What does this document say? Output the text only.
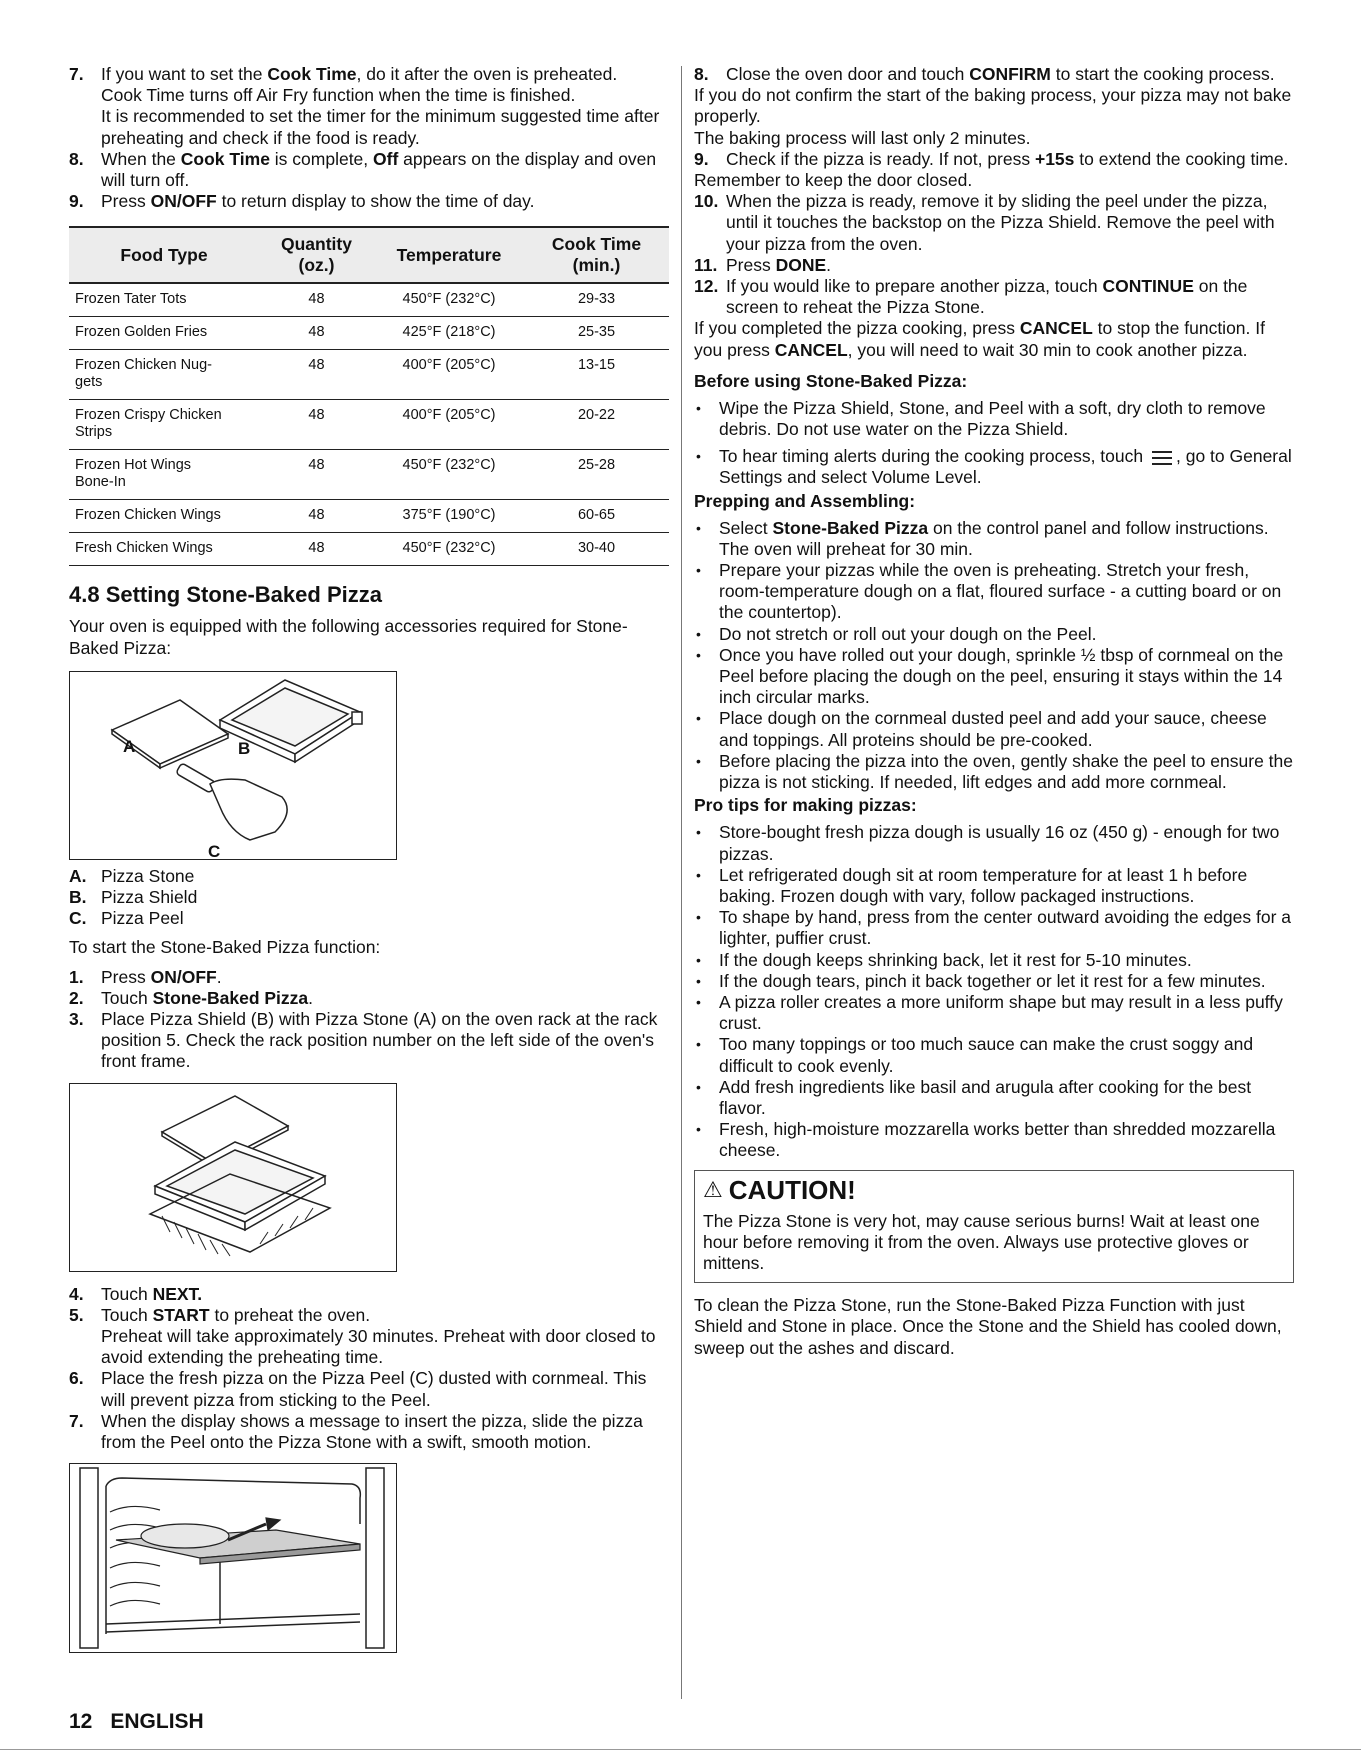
7. If you want to set the Cook Time, do it after the oven is preheated.
Cook Time turns off Air Fry function when the time is finished.
It is recommended to set the timer for the minimum suggested time after preheating and check if the food is ready.
8. When the Cook Time is complete, Off appears on the display and oven will turn off.
9. Press ON/OFF to return display to show the time of day.
Food Type	Quantity (oz.)	Temperature	Cook Time (min.)
Frozen Tater Tots	48	450°F (232°C)	29-33
Frozen Golden Fries	48	425°F (218°C)	25-35
Frozen Chicken Nug-
gets	48	400°F (205°C)	13-15
Frozen Crispy Chicken
Strips	48	400°F (205°C)	20-22
Frozen Hot Wings
Bone-In	48	450°F (232°C)	25-28
Frozen Chicken Wings	48	375°F (190°C)	60-65
Fresh Chicken Wings	48	450°F (232°C)	30-40
4.8 Setting Stone-Baked Pizza

Your oven is equipped with the following accessories required for Stone-Baked Pizza:

A	B
C
A. Pizza Stone
B. Pizza Shield
C. Pizza Peel

To start the Stone-Baked Pizza function:

1. Press ON/OFF.
2. Touch Stone-Baked Pizza.
3. Place Pizza Shield (B) with Pizza Stone (A) on the oven rack at the rack position 5. Check the rack position number on the left side of the oven's front frame.
4. Touch NEXT.
5. Touch START to preheat the oven.
Preheat will take approximately 30 minutes. Preheat with door closed to avoid extending the preheating time.
6. Place the fresh pizza on the Pizza Peel (C) dusted with cornmeal. This will prevent pizza from sticking to the Peel.
7. When the display shows a message to insert the pizza, slide the pizza from the Peel onto the Pizza Stone with a swift, smooth motion.
8. Close the oven door and touch CONFIRM to start the cooking process.

If you do not confirm the start of the baking process, your pizza may not bake properly.

The baking process will last only 2 minutes.

9. Check if the pizza is ready. If not, press +15s to extend the cooking time.

Remember to keep the door closed.

10. When the pizza is ready, remove it by sliding the peel under the pizza, until it touches the backstop on the Pizza Shield. Remove the peel with your pizza from the oven.
11. Press DONE.
12. If you would like to prepare another pizza, touch CONTINUE on the screen to reheat the Pizza Stone.

If you completed the pizza cooking, press CANCEL to stop the function. If you press CANCEL, you will need to wait 30 min to cook another pizza.

Before using Stone-Baked Pizza:
• Wipe the Pizza Shield, Stone, and Peel with a soft, dry cloth to remove debris. Do not use water on the Pizza Shield.
• To hear timing alerts during the cooking process, touch , go to General Settings and select Volume Level.
Prepping and Assembling:
• Select Stone-Baked Pizza on the control panel and follow instructions. The oven will preheat for 30 min.
• Prepare your pizzas while the oven is preheating. Stretch your fresh, room-temperature dough on a flat, floured surface - a cutting board or on the countertop).
• Do not stretch or roll out your dough on the Peel.
• Once you have rolled out your dough, sprinkle ½ tbsp of cornmeal on the Peel before placing the dough on the peel, ensuring it stays within the 14 inch circular marks.
• Place dough on the cornmeal dusted peel and add your sauce, cheese and toppings. All proteins should be pre-cooked.
• Before placing the pizza into the oven, gently shake the peel to ensure the pizza is not sticking. If needed, lift edges and add more cornmeal.
Pro tips for making pizzas:
• Store-bought fresh pizza dough is usually 16 oz (450 g) - enough for two pizzas.
• Let refrigerated dough sit at room temperature for at least 1 h before baking. Frozen dough with vary, follow packaged instructions.
• To shape by hand, press from the center outward avoiding the edges for a lighter, puffier crust.
• If the dough keeps shrinking back, let it rest for 5-10 minutes.
• If the dough tears, pinch it back together or let it rest for a few minutes.
• A pizza roller creates a more uniform shape but may result in a less puffy crust.
• Too many toppings or too much sauce can make the crust soggy and difficult to cook evenly.
• Add fresh ingredients like basil and arugula after cooking for the best flavor.
• Fresh, high-moisture mozzarella works better than shredded mozzarella cheese.
⚠ CAUTION!

The Pizza Stone is very hot, may cause serious burns! Wait at least one hour before removing it from the oven. Always use protective gloves or mittens.

To clean the Pizza Stone, run the Stone-Baked Pizza Function with just Shield and Stone in place. Once the Stone and the Shield has cooled down, sweep out the ashes and discard.

12 ENGLISH
